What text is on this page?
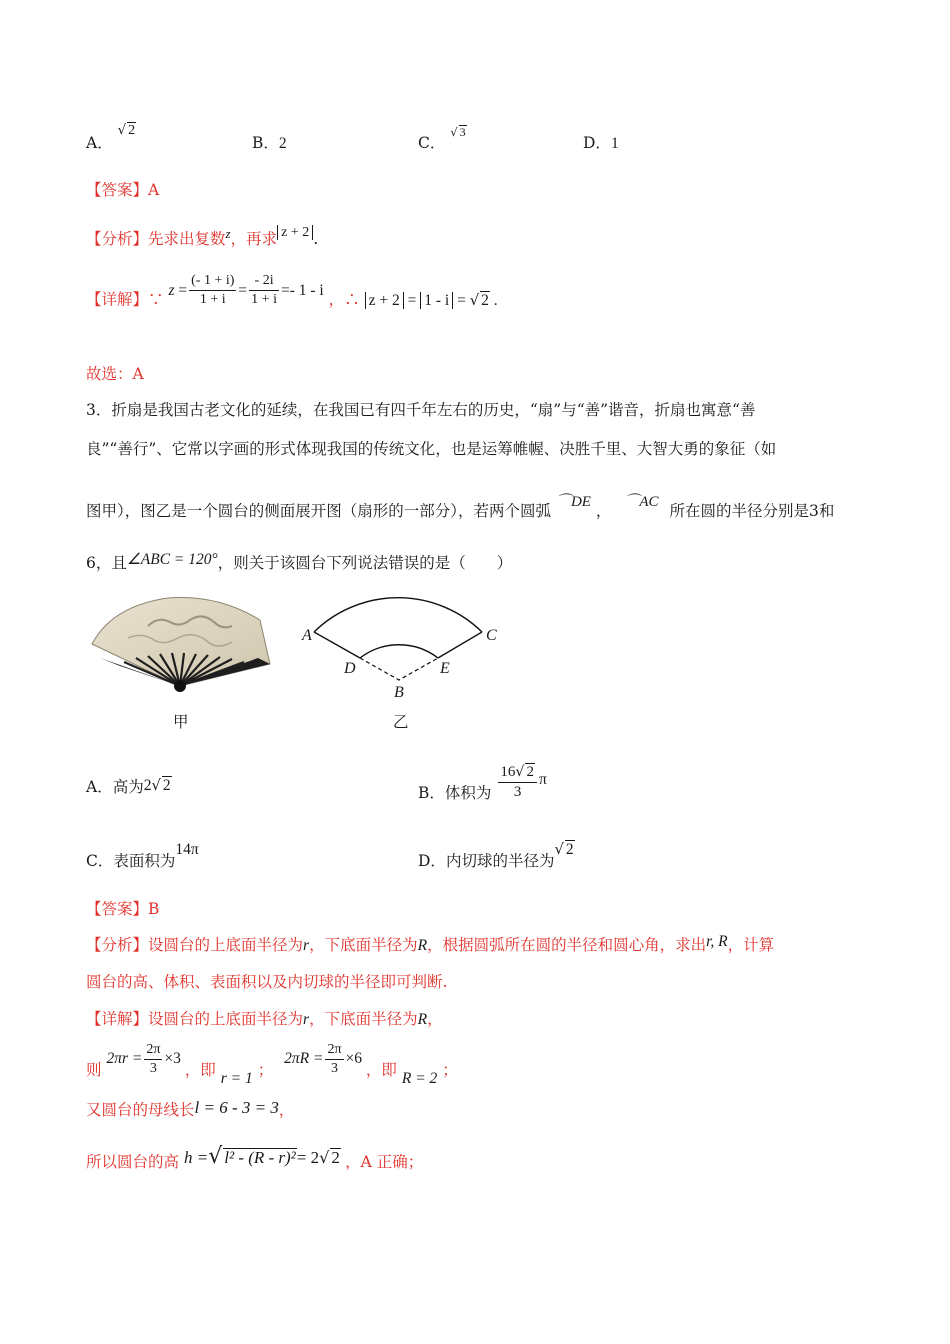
A． √ 2
B．2	C． $^{√ 3}$
D．1
【答案】A
【分析】先求出复数$^z$，再求 z + 2 .
【详解】∵ $z = \frac{(- 1 + i)}{1 + i} = \frac{- 2i}{1 + i} =- 1 - i$ ，∴ z + 2 = 1 - i = √ 2 .
故选：A
3．折扇是我国古老文化的延续，在我国已有四千年左右的历史，“扇”与“善”谐音，折扇也寓意“善
良”“善行”、它常以字画的形式体现我国的传统文化，也是运筹帷幄、决胜千里、大智大勇的象征（如
图甲），图乙是一个圆台的侧面展开图（扇形的一部分），若两个圆弧 ⌒DE ， ⌒AC 所在圆的半径分别是3和
6，且∠ABC = 120°，则关于该圆台下列说法错误的是（　　）
甲
A	C
D	E
B
乙
A．高为2√ 2	B．体积为 $\frac{16√ 2}{3}$ π
C．表面积为14π
D．内切球的半径为√ 2
【答案】B
【分析】设圆台的上底面半径为r，下底面半径为R，根据圆弧所在圆的半径和圆心角，求出r, R，计算
圆台的高、体积、表面积以及内切球的半径即可判断.
【详解】设圆台的上底面半径为r，下底面半径为R，
则 $2\pi r = \frac{2\pi}{3} \times 3$ ，即 r = 1 ； $2\pi R = \frac{2\pi}{3} \times 6$ ，即 R = 2 ；
又圆台的母线长l = 6 - 3 = 3，
所以圆台的高 h =√ l² - (R - r)²= 2√ 2 ，A 正确；
